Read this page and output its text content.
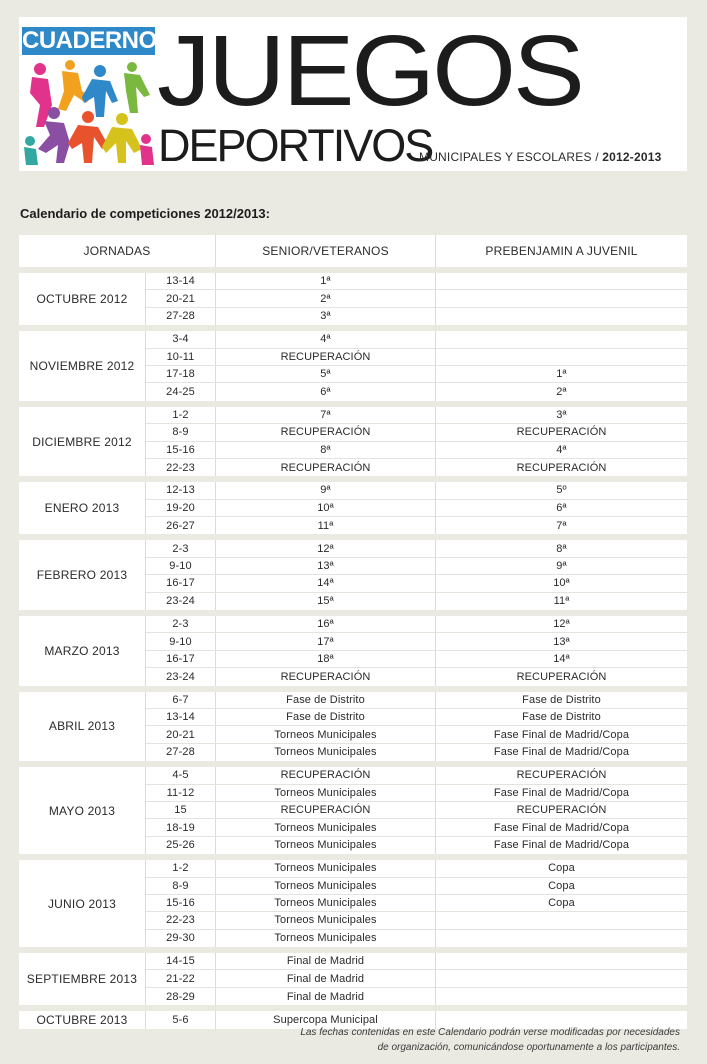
CUADERNO JUEGOS
DEPORTIVOS
MUNICIPALES Y ESCOLARES / 2012-2013
Calendario de competiciones 2012/2013:
JORNADAS	SENIOR/VETERANOS	PREBENJAMIN A JUVENIL
OCTUBRE 2012
13-14	1ª
20-21	2ª
27-28	3ª
NOVIEMBRE 2012
3-4	4ª
10-11	RECUPERACIÓN
17-18	5ª	1ª
24-25	6ª	2ª
DICIEMBRE 2012
1-2	7ª	3ª
8-9	RECUPERACIÓN	RECUPERACIÓN
15-16	8ª	4ª
22-23	RECUPERACIÓN	RECUPERACIÓN
ENERO 2013
12-13	9ª	5º
19-20	10ª	6ª
26-27	11ª	7ª
FEBRERO 2013
2-3	12ª	8ª
9-10	13ª	9ª
16-17	14ª	10ª
23-24	15ª	11ª
MARZO 2013
2-3	16ª	12ª
9-10	17ª	13ª
16-17	18ª	14ª
23-24	RECUPERACIÓN	RECUPERACIÓN
ABRIL 2013
6-7	Fase de Distrito	Fase de Distrito
13-14	Fase de Distrito	Fase de Distrito
20-21	Torneos Municipales	Fase Final de Madrid/Copa
27-28	Torneos Municipales	Fase Final de Madrid/Copa
MAYO 2013
4-5	RECUPERACIÓN	RECUPERACIÓN
11-12	Torneos Municipales	Fase Final de Madrid/Copa
15	RECUPERACIÓN	RECUPERACIÓN
18-19	Torneos Municipales	Fase Final de Madrid/Copa
25-26	Torneos Municipales	Fase Final de Madrid/Copa
JUNIO 2013
1-2	Torneos Municipales	Copa
8-9	Torneos Municipales	Copa
15-16	Torneos Municipales	Copa
22-23	Torneos Municipales
29-30	Torneos Municipales
SEPTIEMBRE 2013
14-15	Final de Madrid
21-22	Final de Madrid
28-29	Final de Madrid
OCTUBRE 2013	5-6	Supercopa Municipal
Las fechas contenidas en este Calendario podrán verse modificadas por necesidades
de organización, comunicándose oportunamente a los participantes.
